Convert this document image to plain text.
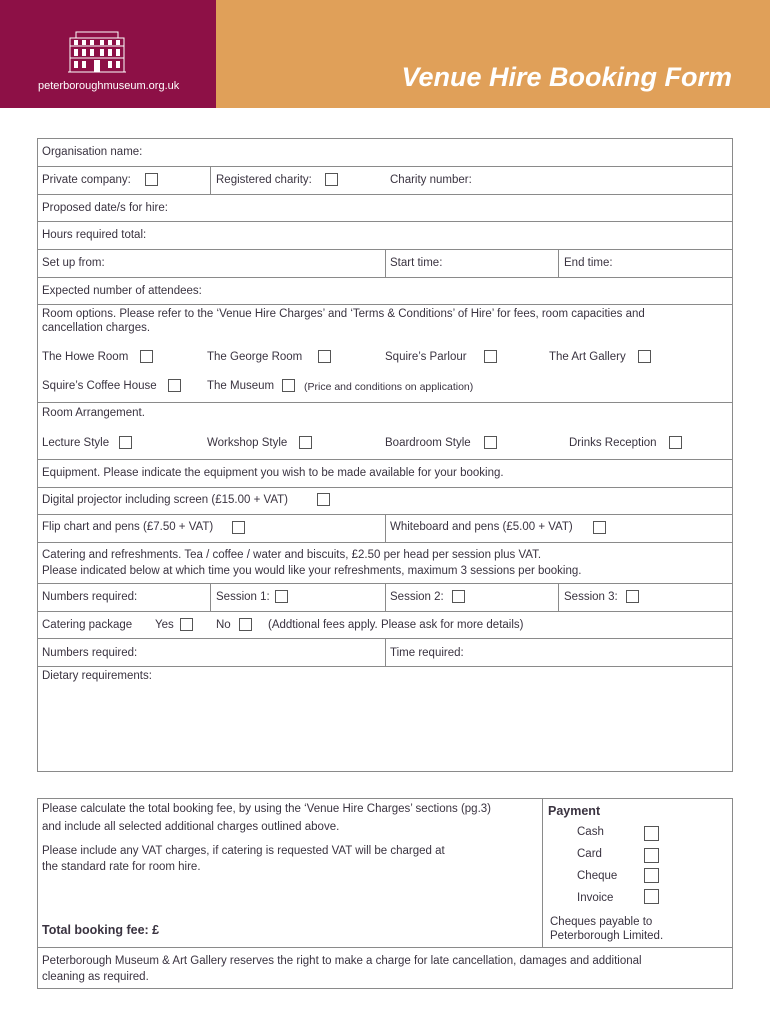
peterboroughmuseum.org.uk	Venue Hire Booking Form
Organisation name:
Private company:	Registered charity:	Charity number:
Proposed date/s for hire:
Hours required total:
Set up from:	Start time:	End time:
Expected number of attendees:
Room options. Please refer to the ‘Venue Hire Charges’ and ‘Terms & Conditions’ of Hire’ for fees, room capacities and
cancellation charges.
The Howe Room	The George Room	Squire’s Parlour	The Art Gallery
Squire’s Coffee House	The Museum	(Price and conditions on application)
Room Arrangement.
Lecture Style	Workshop Style	Boardroom Style	Drinks Reception
Equipment. Please indicate the equipment you wish to be made available for your booking.
Digital projector including screen (£15.00 + VAT)
Flip chart and pens (£7.50 + VAT)	Whiteboard and pens (£5.00 + VAT)
Catering and refreshments. Tea / coffee / water and biscuits, £2.50 per head per session plus VAT.
Please indicated below at which time you would like your refreshments, maximum 3 sessions per booking.
Numbers required:	Session 1:	Session 2:	Session 3:
Catering package Yes	No	(Addtional fees apply. Please ask for more details)
Numbers required:	Time required:
Dietary requirements:
Please calculate the total booking fee, by using the ‘Venue Hire Charges’ sections (pg.3)
and include all selected additional charges outlined above.
Please include any VAT charges, if catering is requested VAT will be charged at
the standard rate for room hire.
Total booking fee: £
Payment
Cash
Card
Cheque
Invoice
Cheques payable to
Peterborough Limited.
Peterborough Museum & Art Gallery reserves the right to make a charge for late cancellation, damages and additional
cleaning as required.
